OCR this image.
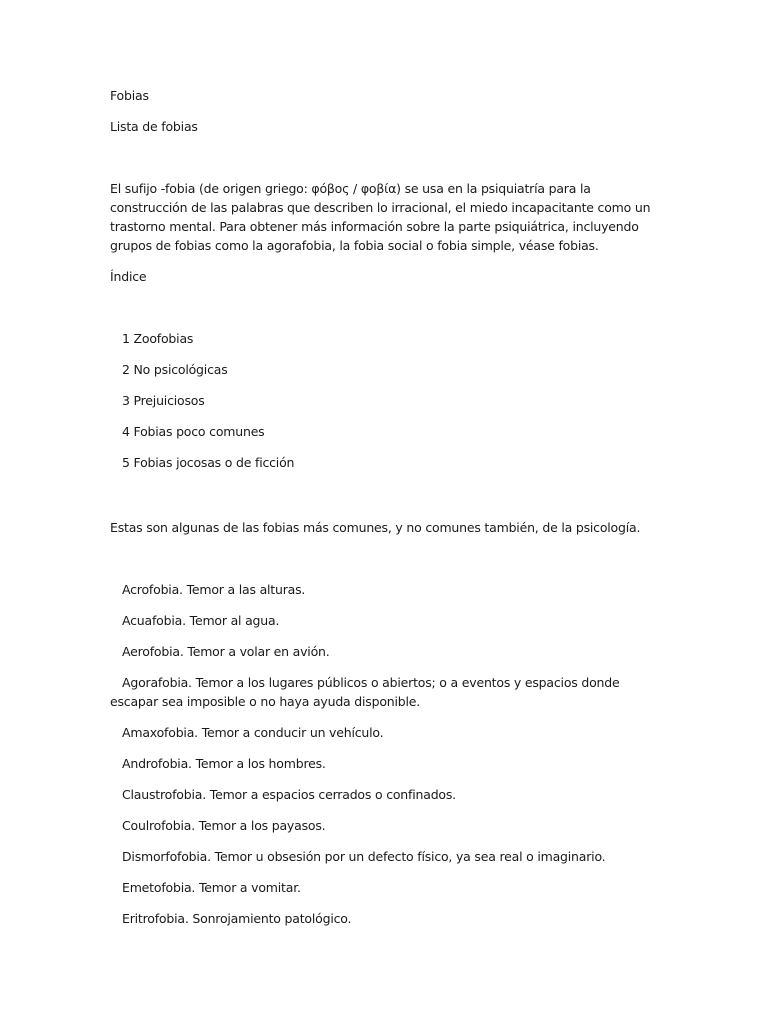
Fobias

Lista de fobias

El sufijo -fobia (de origen griego: φόβος / φοβία) se usa en la psiquiatría para la construcción de las palabras que describen lo irracional, el miedo incapacitante como un trastorno mental. Para obtener más información sobre la parte psiquiátrica, incluyendo grupos de fobias como la agorafobia, la fobia social o fobia simple, véase fobias.

Índice

1 Zoofobias

2 No psicológicas

3 Prejuiciosos

4 Fobias poco comunes

5 Fobias jocosas o de ficción

Estas son algunas de las fobias más comunes, y no comunes también, de la psicología.

Acrofobia. Temor a las alturas.

Acuafobia. Temor al agua.

Aerofobia. Temor a volar en avión.

Agorafobia. Temor a los lugares públicos o abiertos; o a eventos y espacios donde escapar sea imposible o no haya ayuda disponible.

Amaxofobia. Temor a conducir un vehículo.

Androfobia. Temor a los hombres.

Claustrofobia. Temor a espacios cerrados o confinados.

Coulrofobia. Temor a los payasos.

Dismorfofobia. Temor u obsesión por un defecto físico, ya sea real o imaginario.

Emetofobia. Temor a vomitar.

Eritrofobia. Sonrojamiento patológico.
